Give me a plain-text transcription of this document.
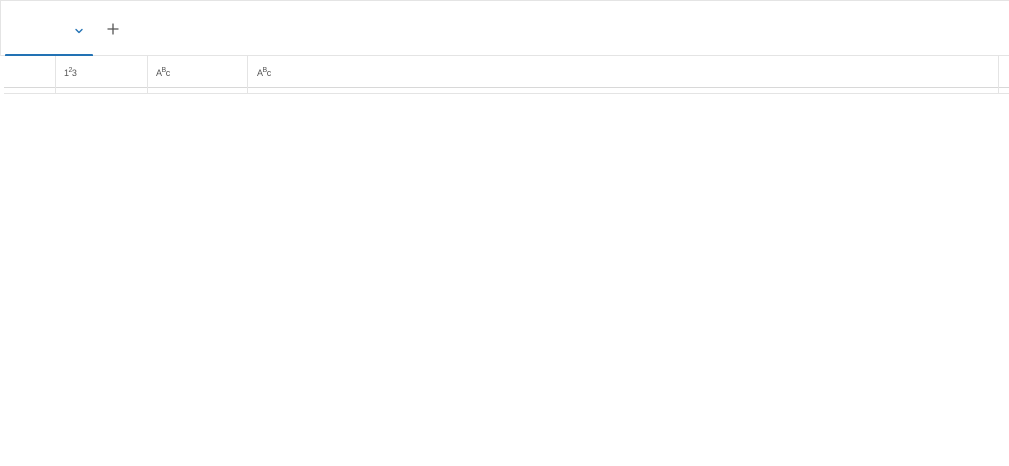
$1^23$	$A^Bc$	$A^Bc$
